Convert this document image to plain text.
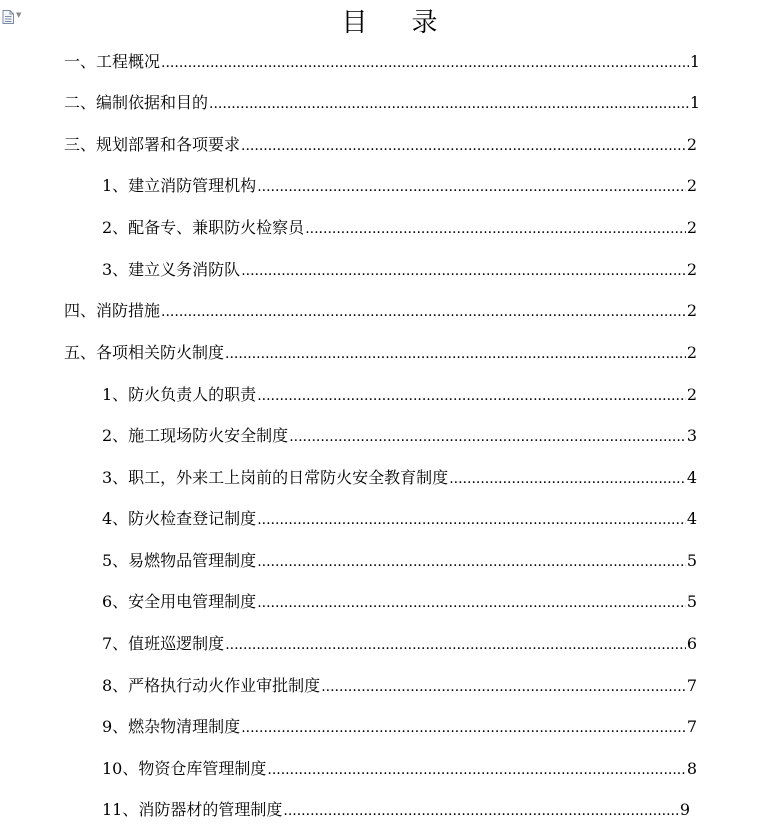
▼	目录
一、工程概况 .....	1
二、编制依据和目的 .....	1
三、规划部署和各项要求 .....	2
1、建立消防管理机构 .....	2
2、配备专、兼职防火检察员 .....	2
3、建立义务消防队 .....	2
四、消防措施 .....	2
五、各项相关防火制度 .....	2
1、防火负责人的职责 .....	2
2、施工现场防火安全制度 .....	3
3、职工，外来工上岗前的日常防火安全教育制度 .....	4
4、防火检查登记制度 .....	4
5、易燃物品管理制度 .....	5
6、安全用电管理制度 .....	5
7、值班巡逻制度 .....	6
8、严格执行动火作业审批制度 .....	7
9、燃杂物清理制度 .....	7
10、物资仓库管理制度 .....	8
11、消防器材的管理制度 .....	9
